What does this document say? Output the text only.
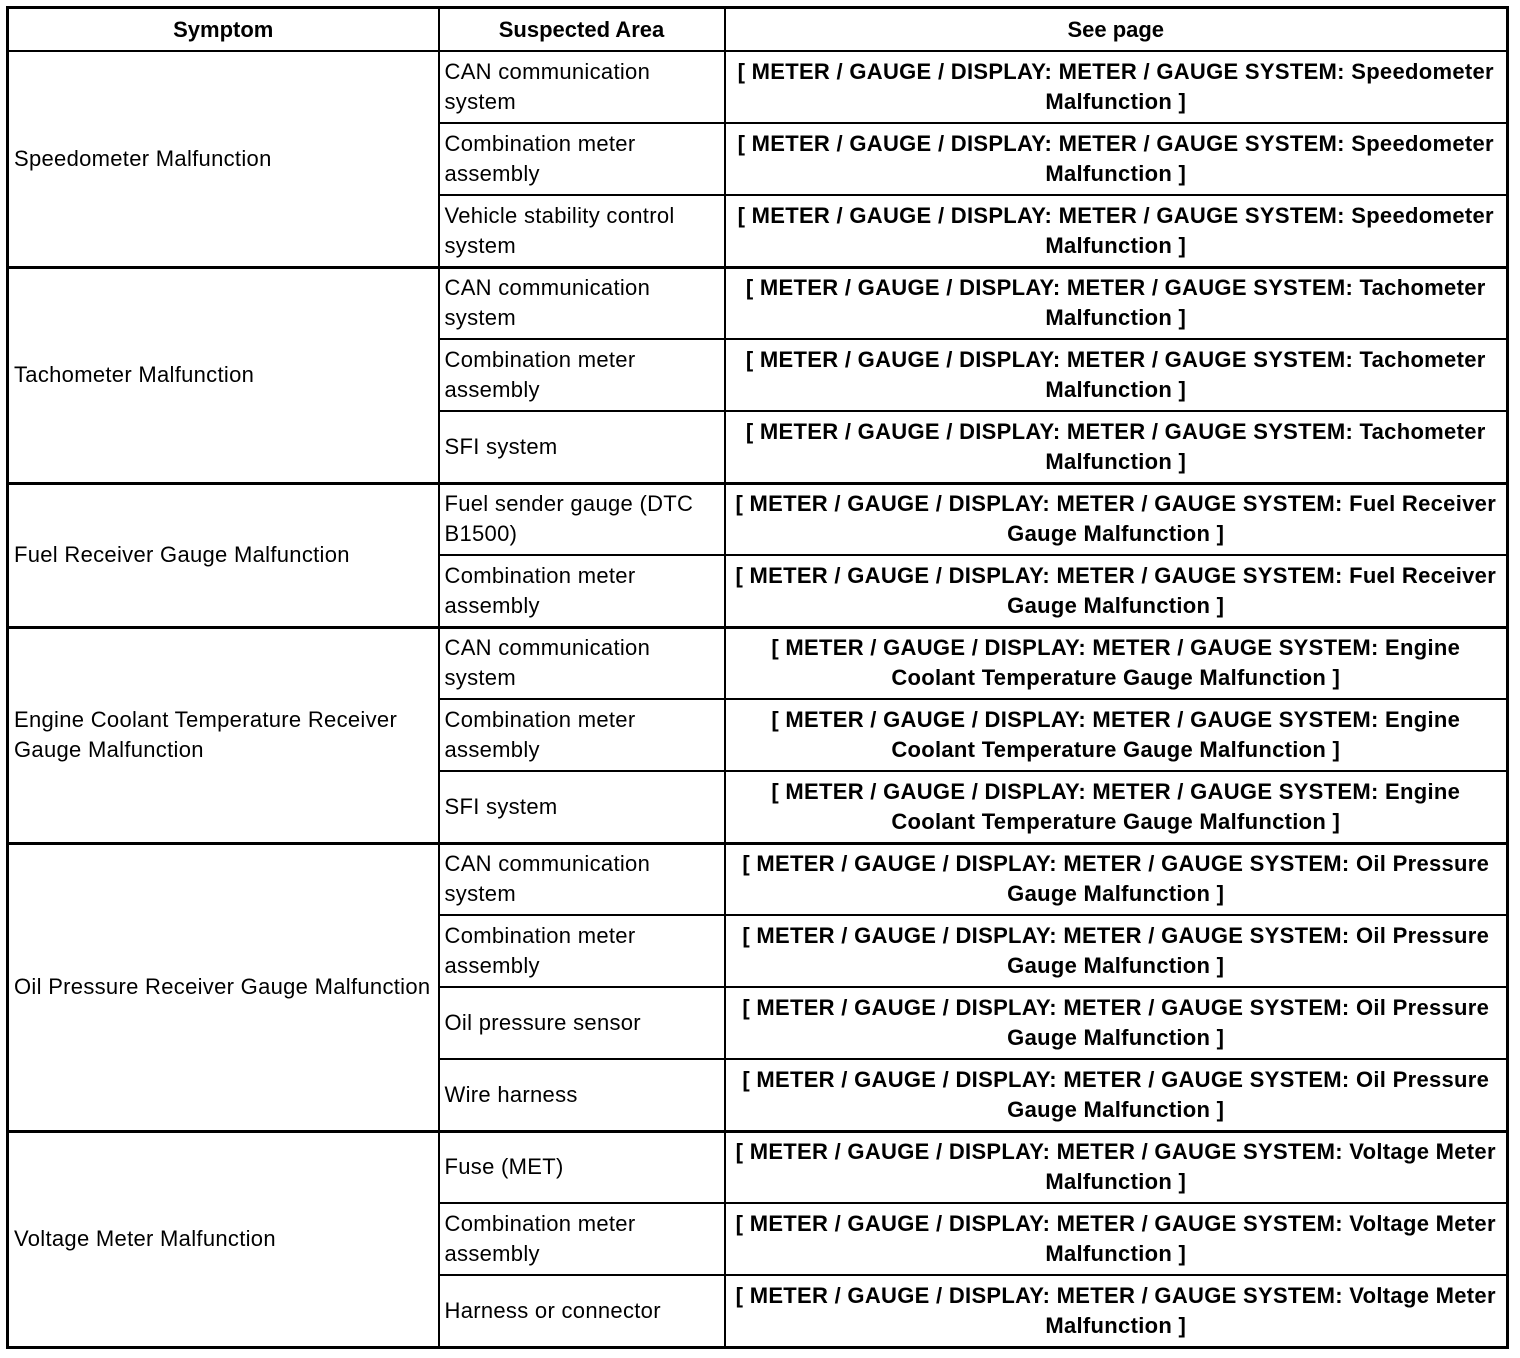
Symptom	Suspected Area	See page
Speedometer Malfunction	CAN communication system	[ METER / GAUGE / DISPLAY: METER / GAUGE SYSTEM: Speedometer Malfunction ]
	Combination meter assembly	[ METER / GAUGE / DISPLAY: METER / GAUGE SYSTEM: Speedometer Malfunction ]
	Vehicle stability control system	[ METER / GAUGE / DISPLAY: METER / GAUGE SYSTEM: Speedometer Malfunction ]
Tachometer Malfunction	CAN communication system	[ METER / GAUGE / DISPLAY: METER / GAUGE SYSTEM: Tachometer Malfunction ]
	Combination meter assembly	[ METER / GAUGE / DISPLAY: METER / GAUGE SYSTEM: Tachometer Malfunction ]
	SFI system	[ METER / GAUGE / DISPLAY: METER / GAUGE SYSTEM: Tachometer Malfunction ]
Fuel Receiver Gauge Malfunction	Fuel sender gauge (DTC B1500)	[ METER / GAUGE / DISPLAY: METER / GAUGE SYSTEM: Fuel Receiver Gauge Malfunction ]
	Combination meter assembly	[ METER / GAUGE / DISPLAY: METER / GAUGE SYSTEM: Fuel Receiver Gauge Malfunction ]
Engine Coolant Temperature Receiver Gauge Malfunction	CAN communication system	[ METER / GAUGE / DISPLAY: METER / GAUGE SYSTEM: Engine Coolant Temperature Gauge Malfunction ]
	Combination meter assembly	[ METER / GAUGE / DISPLAY: METER / GAUGE SYSTEM: Engine Coolant Temperature Gauge Malfunction ]
	SFI system	[ METER / GAUGE / DISPLAY: METER / GAUGE SYSTEM: Engine Coolant Temperature Gauge Malfunction ]
Oil Pressure Receiver Gauge Malfunction	CAN communication system	[ METER / GAUGE / DISPLAY: METER / GAUGE SYSTEM: Oil Pressure Gauge Malfunction ]
	Combination meter assembly	[ METER / GAUGE / DISPLAY: METER / GAUGE SYSTEM: Oil Pressure Gauge Malfunction ]
	Oil pressure sensor	[ METER / GAUGE / DISPLAY: METER / GAUGE SYSTEM: Oil Pressure Gauge Malfunction ]
	Wire harness	[ METER / GAUGE / DISPLAY: METER / GAUGE SYSTEM: Oil Pressure Gauge Malfunction ]
Voltage Meter Malfunction	Fuse (MET)	[ METER / GAUGE / DISPLAY: METER / GAUGE SYSTEM: Voltage Meter Malfunction ]
	Combination meter assembly	[ METER / GAUGE / DISPLAY: METER / GAUGE SYSTEM: Voltage Meter Malfunction ]
	Harness or connector	[ METER / GAUGE / DISPLAY: METER / GAUGE SYSTEM: Voltage Meter Malfunction ]
